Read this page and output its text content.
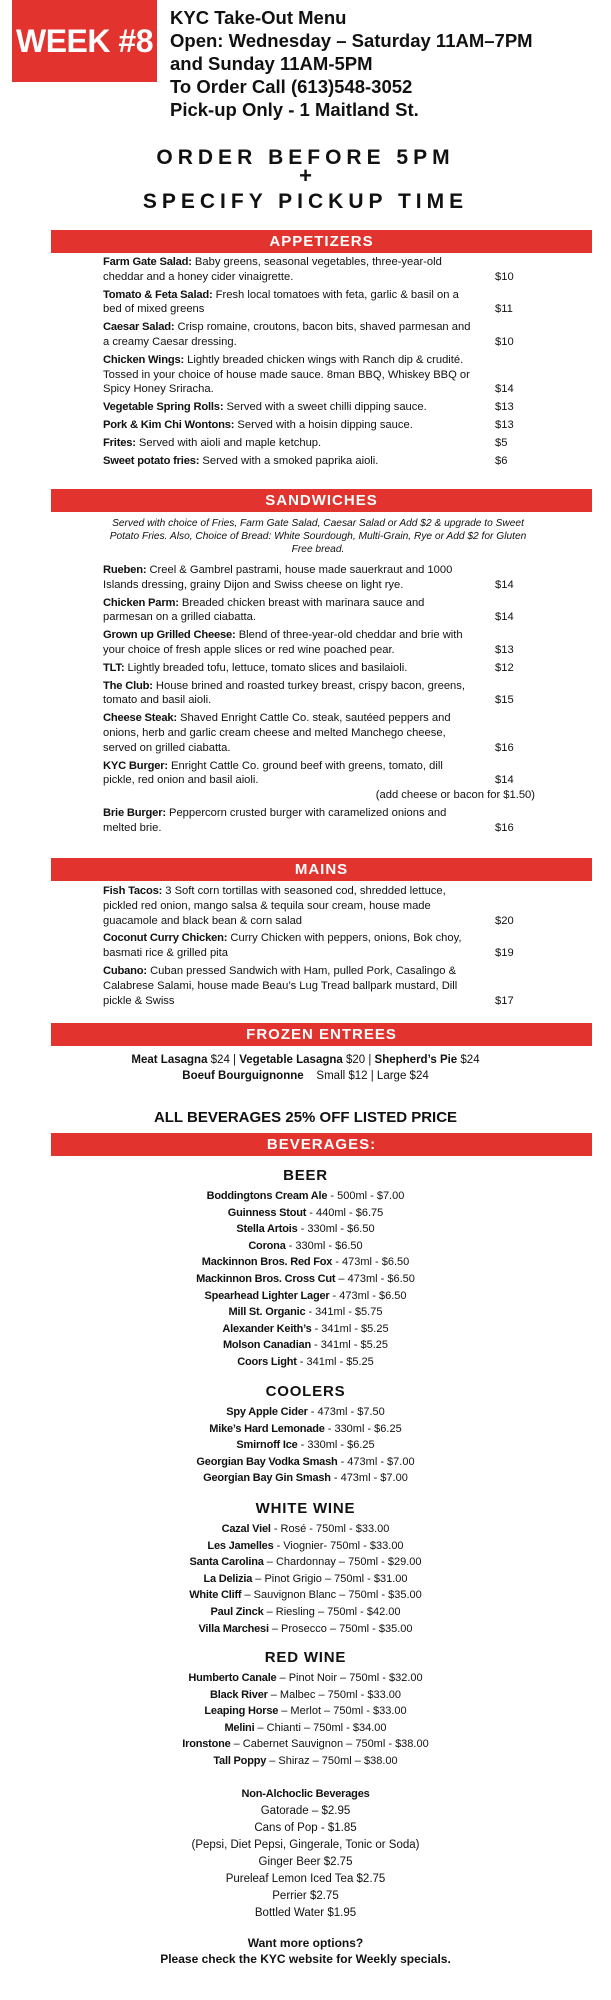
WEEK #8
KYC Take-Out Menu
Open: Wednesday – Saturday 11AM–7PM
and Sunday 11AM-5PM
To Order Call (613)548-3052
Pick-up Only - 1 Maitland St.
ORDER BEFORE 5PM
+
SPECIFY PICKUP TIME
APPETIZERS
Farm Gate Salad: Baby greens, seasonal vegetables, three-year-old cheddar and a honey cider vinaigrette.	$10
Tomato & Feta Salad: Fresh local tomatoes with feta, garlic & basil on a bed of mixed greens	$11
Caesar Salad: Crisp romaine, croutons, bacon bits, shaved parmesan and a creamy Caesar dressing.	$10
Chicken Wings: Lightly breaded chicken wings with Ranch dip & crudité. Tossed in your choice of house made sauce. 8man BBQ, Whiskey BBQ or Spicy Honey Sriracha.	$14
Vegetable Spring Rolls: Served with a sweet chilli dipping sauce.	$13
Pork & Kim Chi Wontons: Served with a hoisin dipping sauce.	$13
Frites: Served with aioli and maple ketchup.	$5
Sweet potato fries: Served with a smoked paprika aioli.	$6
SANDWICHES
Served with choice of Fries, Farm Gate Salad, Caesar Salad or Add $2 & upgrade to Sweet Potato Fries. Also, Choice of Bread: White Sourdough, Multi-Grain, Rye or Add $2 for Gluten Free bread.
Rueben: Creel & Gambrel pastrami, house made sauerkraut and 1000 Islands dressing, grainy Dijon and Swiss cheese on light rye.	$14
Chicken Parm: Breaded chicken breast with marinara sauce and parmesan on a grilled ciabatta.	$14
Grown up Grilled Cheese: Blend of three-year-old cheddar and brie with your choice of fresh apple slices or red wine poached pear.	$13
TLT: Lightly breaded tofu, lettuce, tomato slices and basilaioli.	$12
The Club: House brined and roasted turkey breast, crispy bacon, greens, tomato and basil aioli.	$15
Cheese Steak: Shaved Enright Cattle Co. steak, sautéed peppers and onions, herb and garlic cream cheese and melted Manchego cheese, served on grilled ciabatta.	$16
KYC Burger: Enright Cattle Co. ground beef with greens, tomato, dill pickle, red onion and basil aioli.	$14
(add cheese or bacon for $1.50)
Brie Burger: Peppercorn crusted burger with caramelized onions and melted brie.	$16
MAINS
Fish Tacos: 3 Soft corn tortillas with seasoned cod, shredded lettuce, pickled red onion, mango salsa & tequila sour cream, house made guacamole and black bean & corn salad	$20
Coconut Curry Chicken: Curry Chicken with peppers, onions, Bok choy, basmati rice & grilled pita	$19
Cubano: Cuban pressed Sandwich with Ham, pulled Pork, Casalingo & Calabrese Salami, house made Beau’s Lug Tread ballpark mustard, Dill pickle & Swiss	$17
FROZEN ENTREES
Meat Lasagna $24 | Vegetable Lasagna $20 | Shepherd’s Pie $24
Boeuf Bourguignonne    Small $12 | Large $24
ALL BEVERAGES 25% OFF LISTED PRICE
BEVERAGES:
BEER
Boddingtons Cream Ale - 500ml - $7.00
Guinness Stout - 440ml - $6.75
Stella Artois - 330ml - $6.50
Corona - 330ml - $6.50
Mackinnon Bros. Red Fox - 473ml - $6.50
Mackinnon Bros. Cross Cut – 473ml - $6.50
Spearhead Lighter Lager - 473ml - $6.50
Mill St. Organic - 341ml - $5.75
Alexander Keith’s - 341ml - $5.25
Molson Canadian - 341ml - $5.25
Coors Light - 341ml - $5.25
COOLERS
Spy Apple Cider - 473ml - $7.50
Mike’s Hard Lemonade - 330ml - $6.25
Smirnoff Ice - 330ml - $6.25
Georgian Bay Vodka Smash - 473ml - $7.00
Georgian Bay Gin Smash - 473ml - $7.00
WHITE WINE
Cazal Viel - Rosé - 750ml - $33.00
Les Jamelles - Viognier- 750ml - $33.00
Santa Carolina – Chardonnay – 750ml - $29.00
La Delizia – Pinot Grigio – 750ml - $31.00
White Cliff – Sauvignon Blanc – 750ml - $35.00
Paul Zinck – Riesling – 750ml - $42.00
Villa Marchesi – Prosecco – 750ml - $35.00
RED WINE
Humberto Canale – Pinot Noir – 750ml - $32.00
Black River – Malbec – 750ml - $33.00
Leaping Horse – Merlot – 750ml - $33.00
Melini – Chianti – 750ml - $34.00
Ironstone – Cabernet Sauvignon – 750ml - $38.00
Tall Poppy – Shiraz – 750ml – $38.00
Non-Alchoclic Beverages
Gatorade – $2.95
Cans of Pop - $1.85
(Pepsi, Diet Pepsi, Gingerale, Tonic or Soda)
Ginger Beer $2.75
Pureleaf Lemon Iced Tea $2.75
Perrier $2.75
Bottled Water $1.95
Want more options?
Please check the KYC website for Weekly specials.
